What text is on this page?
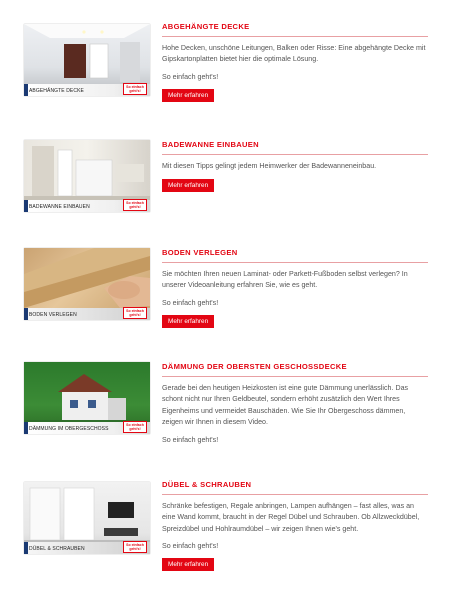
ABGEHÄNGTE DECKE
So einfach geht's!
ABGEHÄNGTE DECKE

Hohe Decken, unschöne Leitungen, Balken oder Risse: Eine abgehängte Decke mit Gipskartonplatten bietet hier die optimale Lösung.

So einfach geht's!

Mehr erfahren
BADEWANNE EINBAUEN
So einfach geht's!
BADEWANNE EINBAUEN

Mit diesen Tipps gelingt jedem Heimwerker der Badewanneneinbau.

Mehr erfahren
BODEN VERLEGEN
So einfach geht's!
BODEN VERLEGEN

Sie möchten Ihren neuen Laminat- oder Parkett-Fußboden selbst verlegen? In unserer Videoanleitung erfahren Sie, wie es geht.

So einfach geht's!

Mehr erfahren
DÄMMUNG IM OBERGESCHOSS
So einfach geht's!
DÄMMUNG DER OBERSTEN GESCHOSSDECKE

Gerade bei den heutigen Heizkosten ist eine gute Dämmung unerlässlich. Das schont nicht nur Ihren Geldbeutel, sondern erhöht zusätzlich den Wert Ihres Eigenheims und vermeidet Bauschäden. Wie Sie Ihr Obergeschoss dämmen, zeigen wir Ihnen in diesem Video.

So einfach geht's!

DÜBEL & SCHRAUBEN
So einfach geht's!
DÜBEL & SCHRAUBEN

Schränke befestigen, Regale anbringen, Lampen aufhängen – fast alles, was an eine Wand kommt, braucht in der Regel Dübel und Schrauben. Ob Allzweckdübel, Spreizdübel und Hohlraumdübel – wir zeigen Ihnen wie's geht.

So einfach geht's!

Mehr erfahren
